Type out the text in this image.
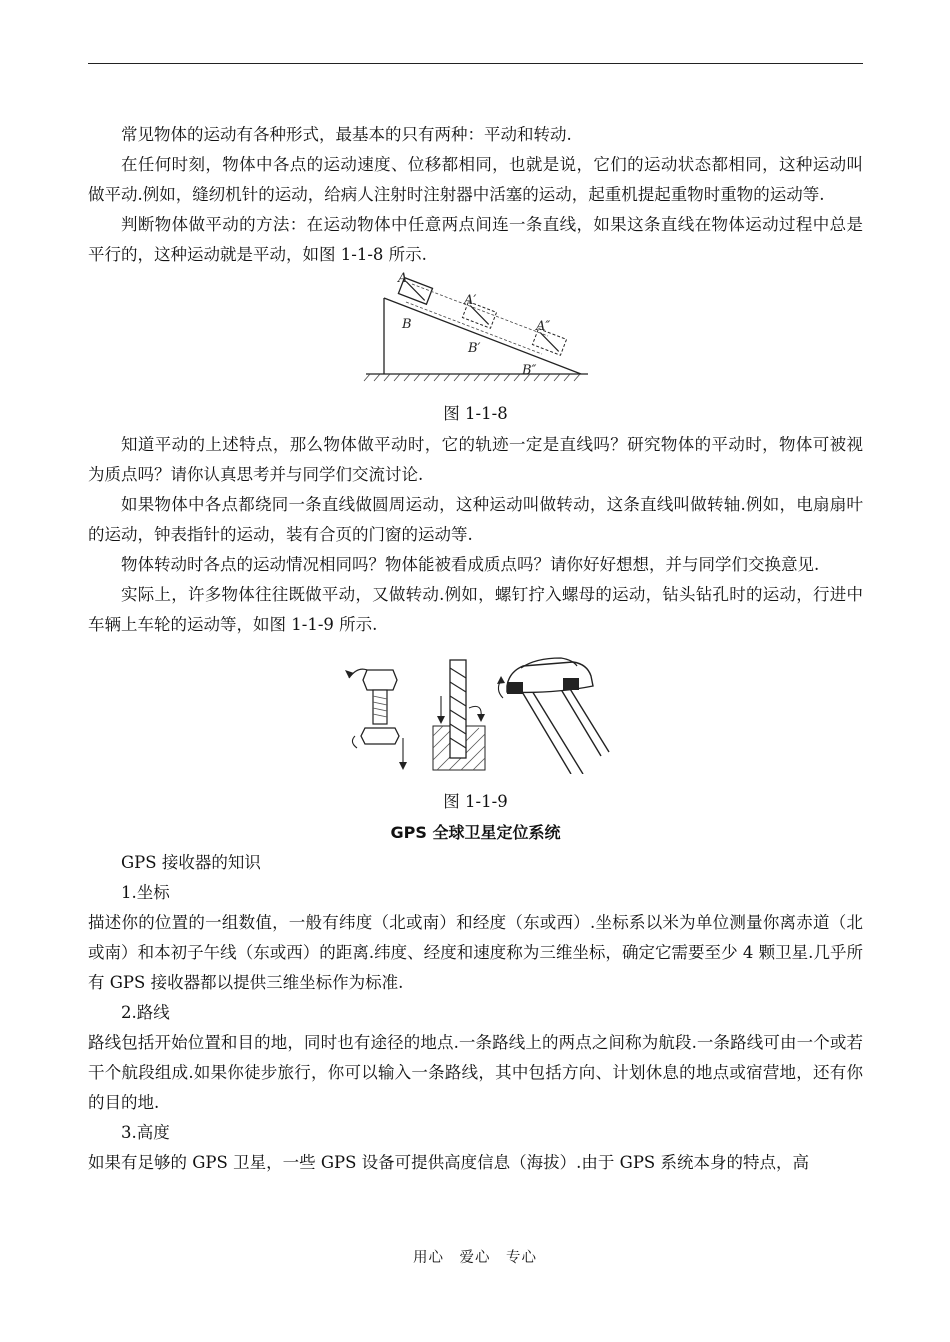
常见物体的运动有各种形式，最基本的只有两种：平动和转动.

在任何时刻，物体中各点的运动速度、位移都相同，也就是说，它们的运动状态都相同，这种运动叫做平动.例如，缝纫机针的运动，给病人注射时注射器中活塞的运动，起重机提起重物时重物的运动等.

判断物体做平动的方法：在运动物体中任意两点间连一条直线，如果这条直线在物体运动过程中总是平行的，这种运动就是平动，如图 1-1-8 所示.

A
B
A′
B′
A″
B″
图 1-1-8

知道平动的上述特点，那么物体做平动时，它的轨迹一定是直线吗？研究物体的平动时，物体可被视为质点吗？请你认真思考并与同学们交流讨论.

如果物体中各点都绕同一条直线做圆周运动，这种运动叫做转动，这条直线叫做转轴.例如，电扇扇叶的运动，钟表指针的运动，装有合页的门窗的运动等.

物体转动时各点的运动情况相同吗？物体能被看成质点吗？请你好好想想，并与同学们交换意见.

实际上，许多物体往往既做平动，又做转动.例如，螺钉拧入螺母的运动，钻头钻孔时的运动，行进中车辆上车轮的运动等，如图 1-1-9 所示.

图 1-1-9
GPS 全球卫星定位系统

GPS 接收器的知识

1.坐标

描述你的位置的一组数值，一般有纬度（北或南）和经度（东或西）.坐标系以米为单位测量你离赤道（北或南）和本初子午线（东或西）的距离.纬度、经度和速度称为三维坐标，确定它需要至少 4 颗卫星.几乎所有 GPS 接收器都以提供三维坐标作为标准.

2.路线

路线包括开始位置和目的地，同时也有途径的地点.一条路线上的两点之间称为航段.一条路线可由一个或若干个航段组成.如果你徒步旅行，你可以输入一条路线，其中包括方向、计划休息的地点或宿营地，还有你的目的地.

3.高度

如果有足够的 GPS 卫星，一些 GPS 设备可提供高度信息（海拔）.由于 GPS 系统本身的特点，高

用心　爱心　专心
